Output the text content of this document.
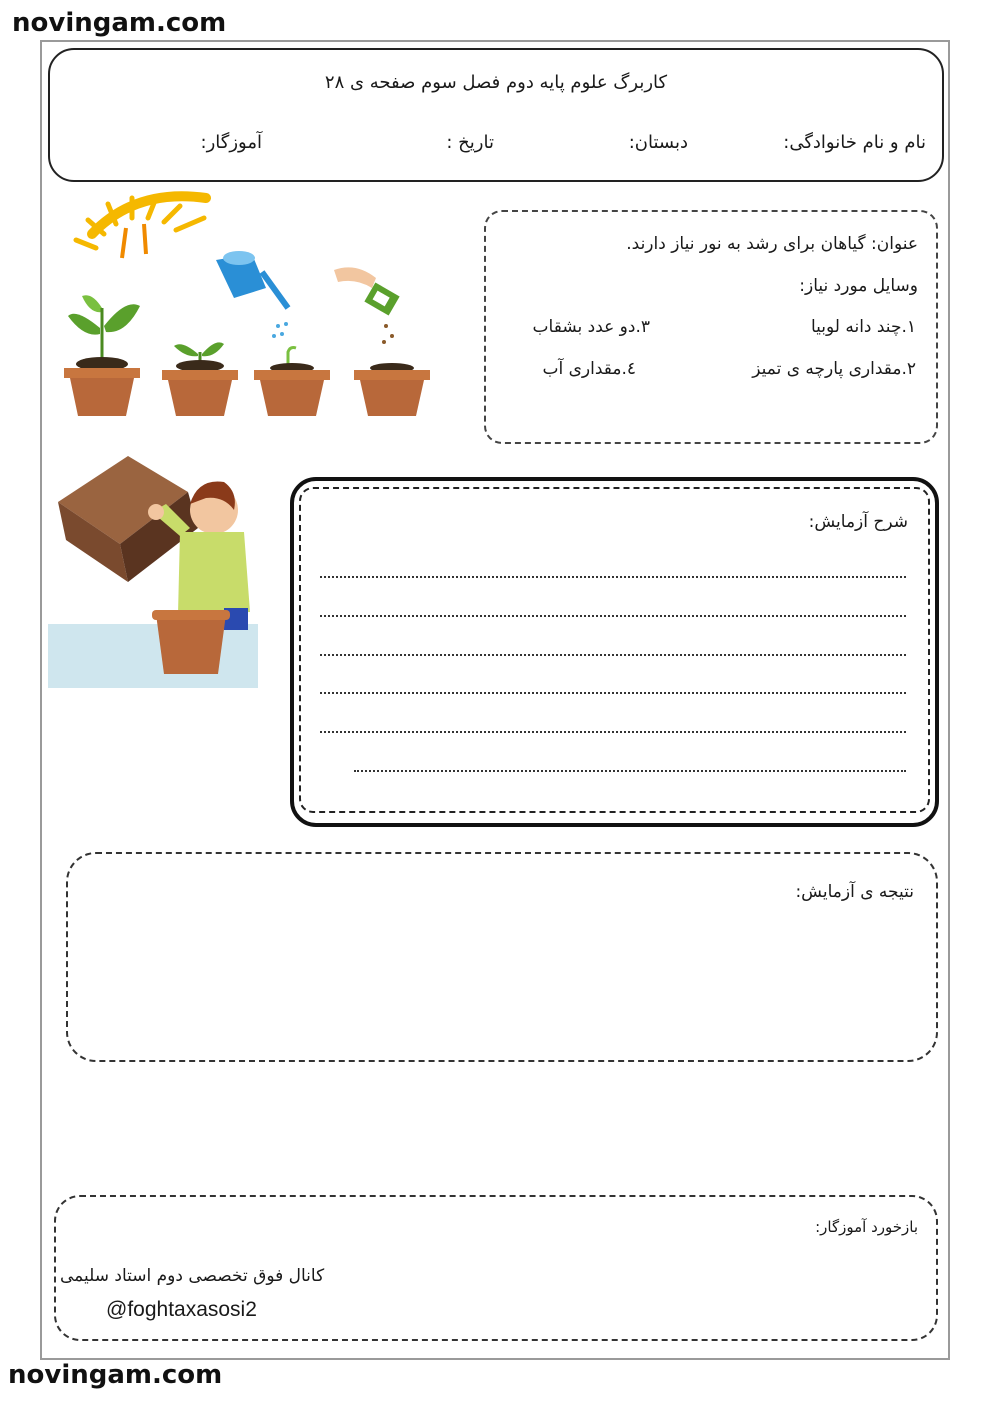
novingam.com
novingam.com
کاربرگ علوم پایه دوم فصل سوم صفحه ی ۲۸
نام و نام خانوادگی:
دبستان:
تاریخ :
آموزگار:
عنوان: گیاهان برای رشد به نور نیاز دارند.
وسایل مورد نیاز:
۱.چند دانه لوبیا
۲.مقداری پارچه ی تمیز
۳.دو عدد بشقاب
٤.مقداری آب
شرح آزمایش:
نتیجه ی آزمایش:
بازخورد آموزگار:
کانال فوق تخصصی دوم استاد سلیمی
@foghtaxasosi2
